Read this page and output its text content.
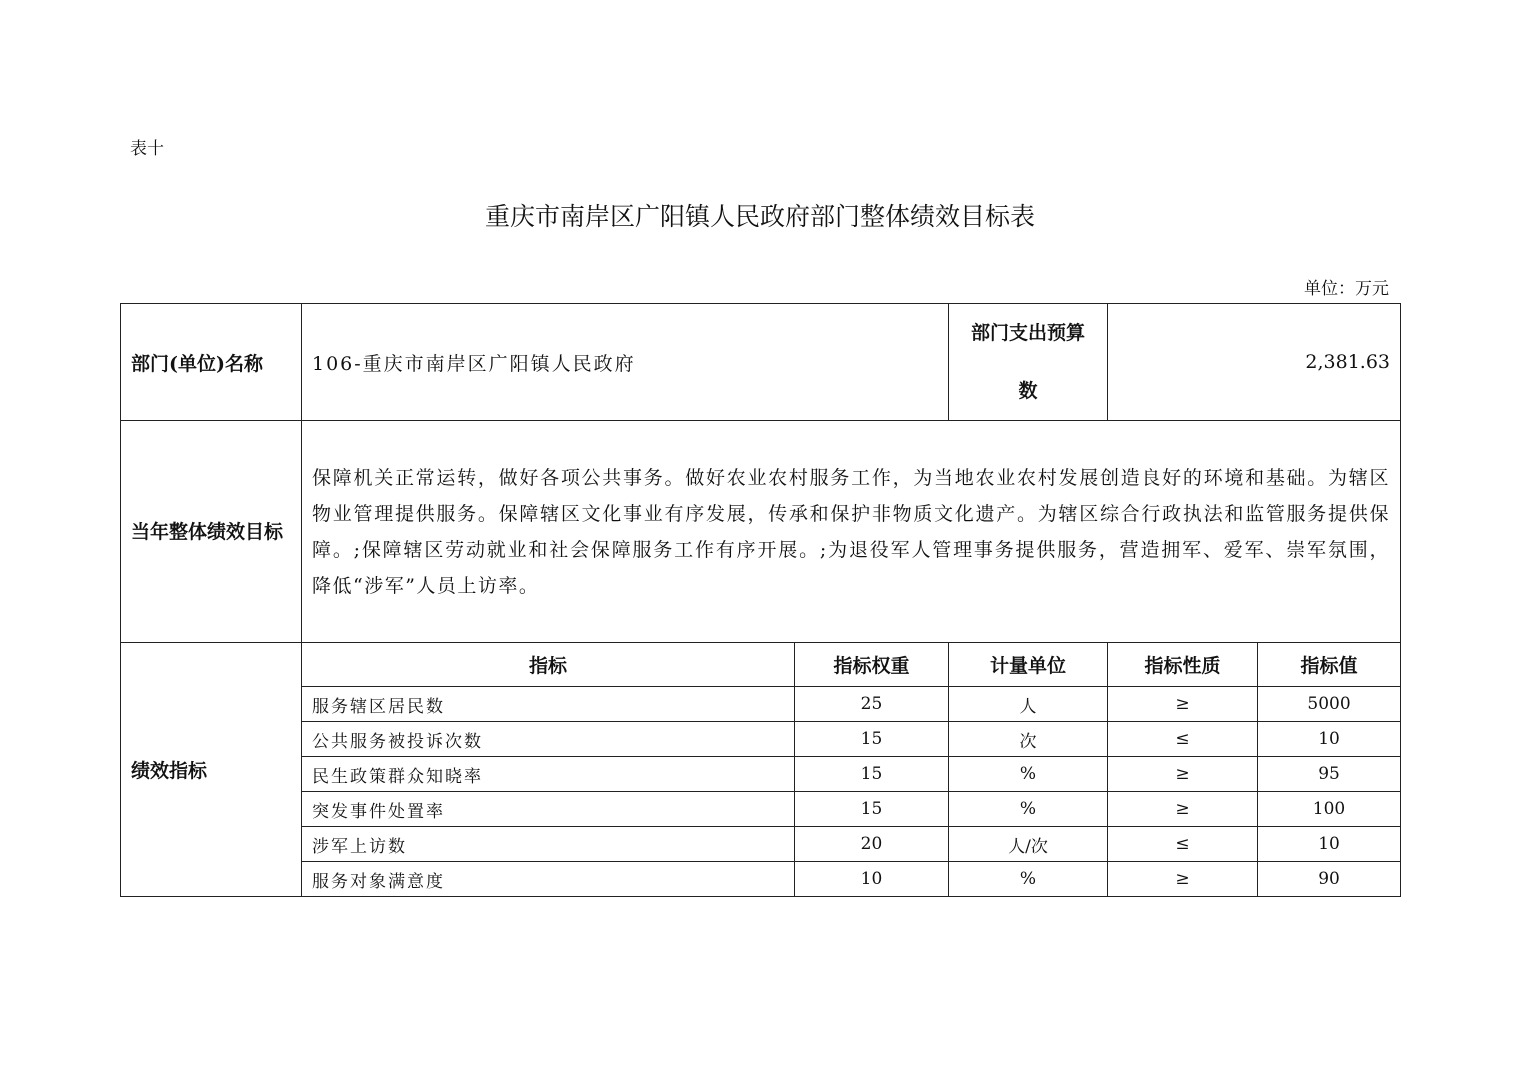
表十
重庆市南岸区广阳镇人民政府部门整体绩效目标表
单位：万元
部门(单位)名称	106-重庆市南岸区广阳镇人民政府		部门支出预算数	2,381.63	
当年整体绩效目标	保障机关正常运转，做好各项公共事务。做好农业农村服务工作，为当地农业农村发展创造良好的环境和基础。为辖区物业管理提供服务。保障辖区文化事业有序发展，传承和保护非物质文化遗产。为辖区综合行政执法和监管服务提供保障。;保障辖区劳动就业和社会保障服务工作有序开展。;为退役军人管理事务提供服务，营造拥军、爱军、崇军氛围，降低“涉军”人员上访率。				
绩效指标	指标	指标权重	计量单位	指标性质	指标值
	服务辖区居民数	25	人	≥	5000
	公共服务被投诉次数	15	次	≤	10
	民生政策群众知晓率	15	%	≥	95
	突发事件处置率	15	%	≥	100
	涉军上访数	20	人/次	≤	10
	服务对象满意度	10	%	≥	90
